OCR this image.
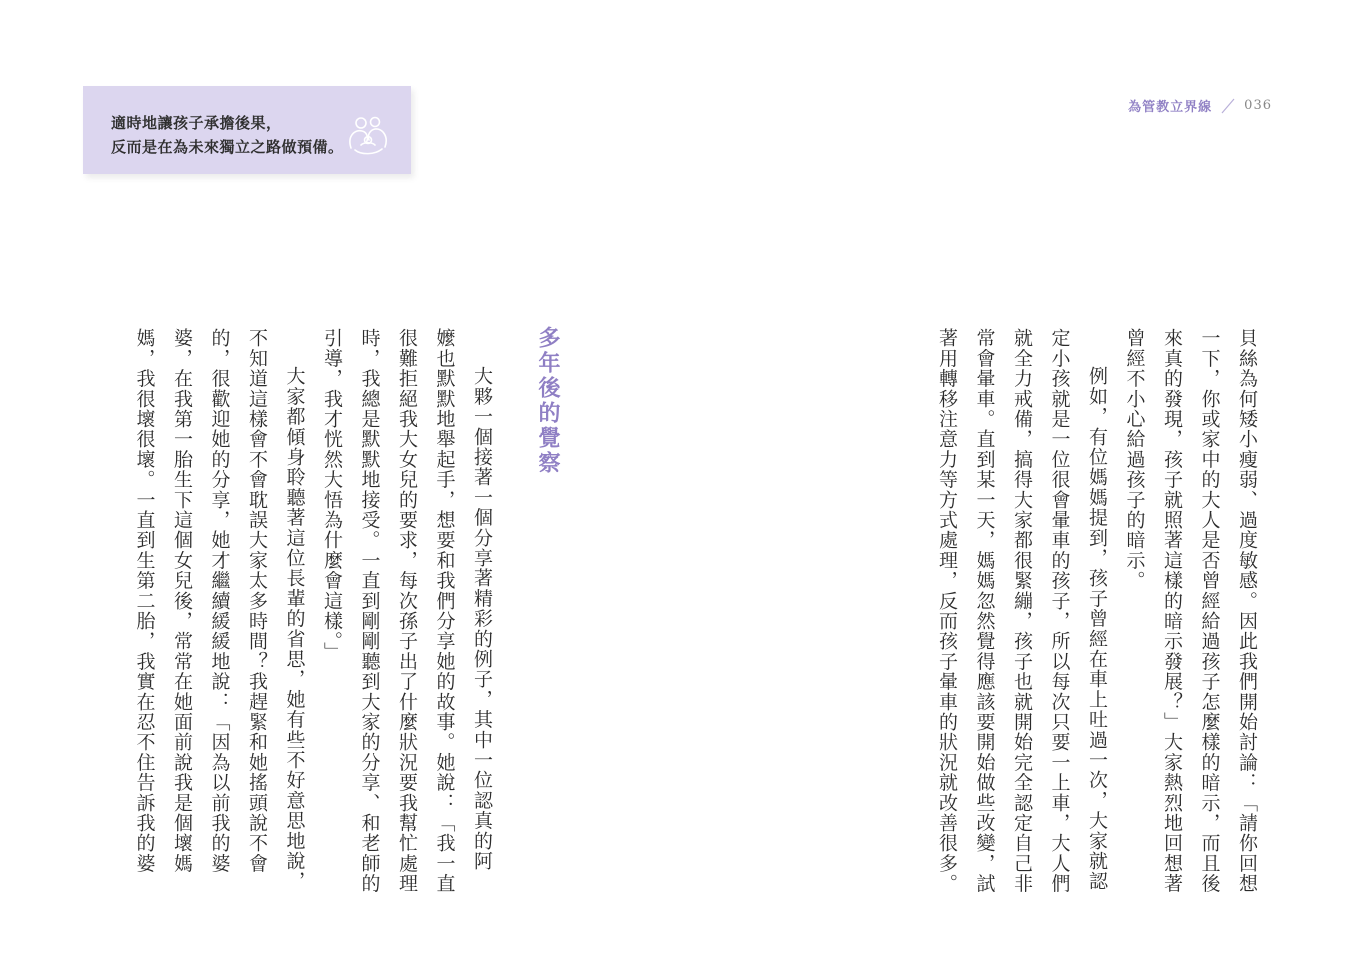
適時地讓孩子承擔後果，
反而是在為未來獨立之路做預備。
為管教立界線 036
貝絲為何矮小瘦弱、過度敏感。因此我們開始討論：「請你回想
一下，你或家中的大人是否曾經給過孩子怎麼樣的暗示，而且後
來真的發現，孩子就照著這樣的暗示發展？」大家熱烈地回想著
曾經不小心給過孩子的暗示。
例如，有位媽媽提到，孩子曾經在車上吐過一次，大家就認
定小孩就是一位很會暈車的孩子，所以每次只要一上車，大人們
就全力戒備，搞得大家都很緊繃，孩子也就開始完全認定自己非
常會暈車。直到某一天，媽媽忽然覺得應該要開始做些改變，試
著用轉移注意力等方式處理，反而孩子暈車的狀況就改善很多。
多年後的覺察
大夥一個接著一個分享著精彩的例子，其中一位認真的阿
嬤也默默地舉起手，想要和我們分享她的故事。她說：「我一直
很難拒絕我大女兒的要求，每次孫子出了什麼狀況要我幫忙處理
時，我總是默默地接受。一直到剛剛聽到大家的分享、和老師的
引導，我才恍然大悟為什麼會這樣。」
大家都傾身聆聽著這位長輩的省思，她有些不好意思地說，
不知道這樣會不會耽誤大家太多時間？我趕緊和她搖頭說不會
的，很歡迎她的分享，她才繼續緩緩地說：「因為以前我的婆
婆，在我第一胎生下這個女兒後，常常在她面前說我是個壞媽
媽，我很壞很壞。一直到生第二胎，我實在忍不住告訴我的婆
